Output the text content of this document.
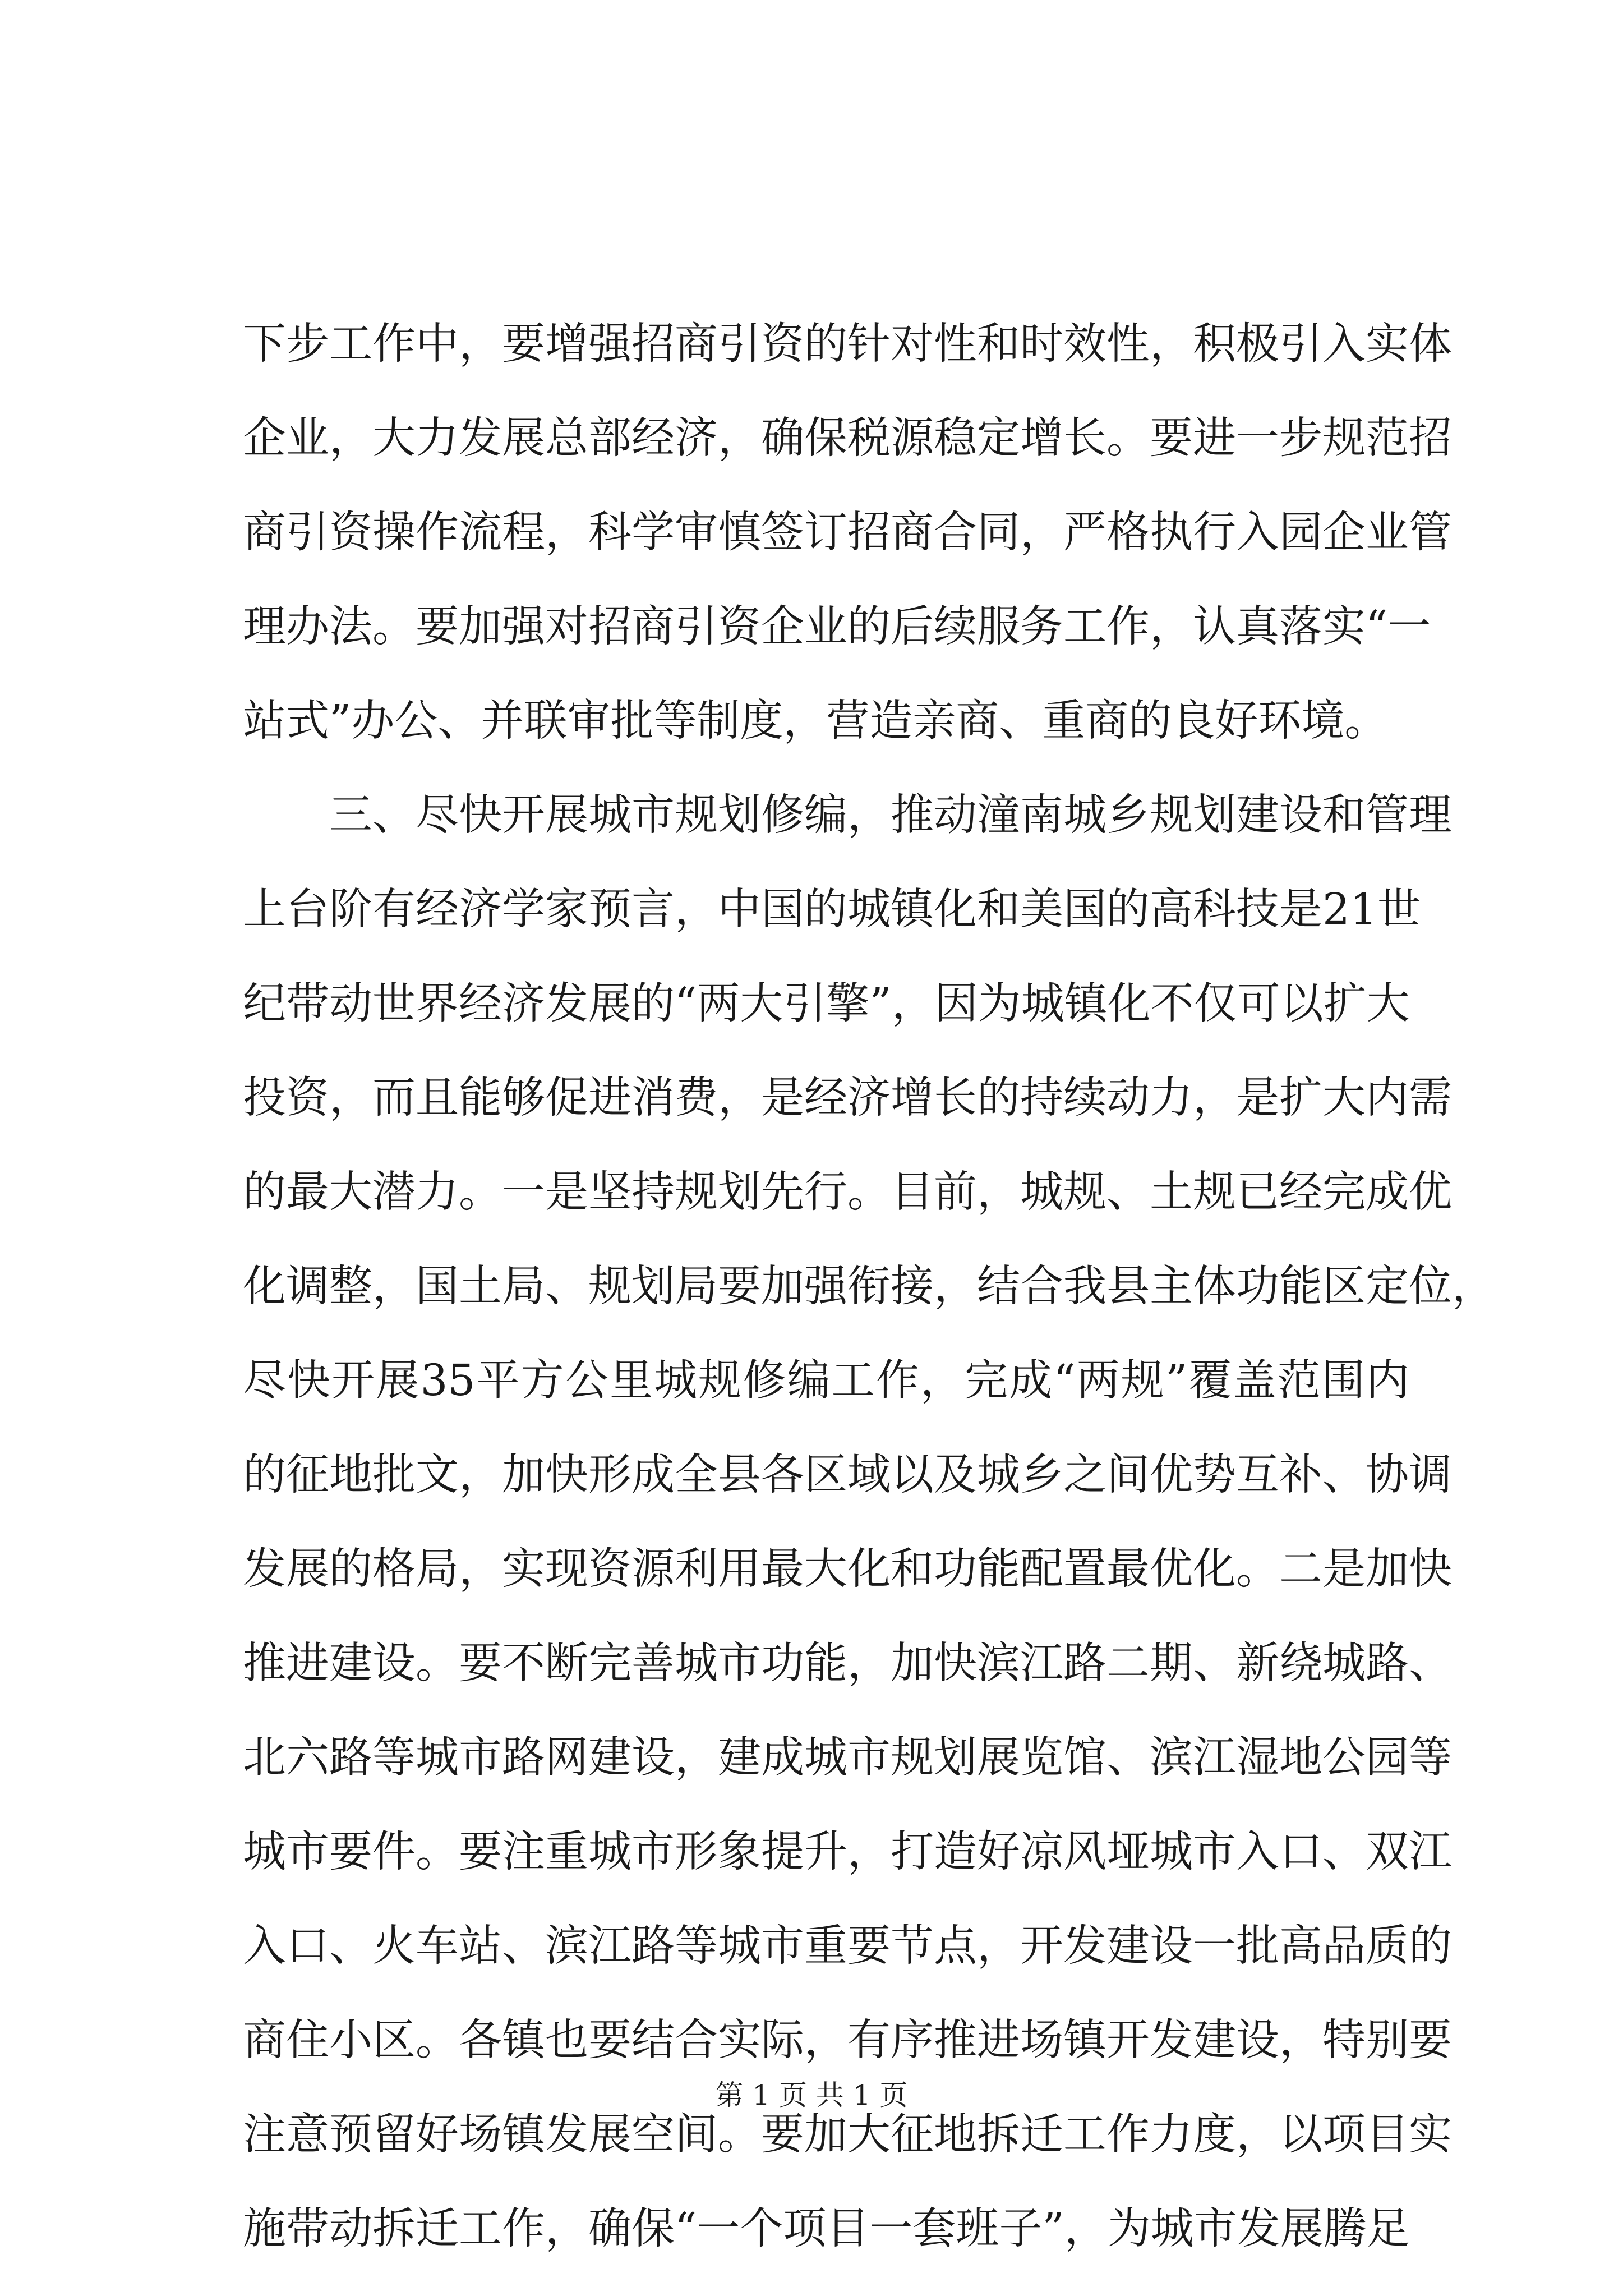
下 步 工 作 中 ， 要 增 强 招 商 引 资 的 针 对 性 和 时 效 性 ， 积 极 引 入 实 体
企 业 ， 大 力 发 展 总 部 经 济 ， 确 保 税 源 稳 定 增 长 。 要 进 一 步 规 范 招
商 引 资 操 作 流 程 ， 科 学 审 慎 签 订 招 商 合 同 ， 严 格 执 行 入 园 企 业 管
理 办 法 。 要 加 强 对 招 商 引 资 企 业 的 后 续 服 务 工 作 ， 认 真 落 实 “ 一
站式”办公、并联审批等制度，营造亲商、重商的良好环境。

三 、 尽 快 开 展 城 市 规 划 修 编 ， 推 动 潼 南 城 乡 规 划 建 设 和 管 理
上 台 阶 有 经 济 学 家 预 言 ， 中 国 的 城 镇 化 和 美 国 的 高 科 技 是 21 世
纪 带 动 世 界 经 济 发 展 的 “ 两 大 引 擎 ” ， 因 为 城 镇 化 不 仅 可 以 扩 大
投 资 ， 而 且 能 够 促 进 消 费 ， 是 经 济 增 长 的 持 续 动 力 ， 是 扩 大 内 需
的 最 大 潜 力 。 一 是 坚 持 规 划 先 行 。 目 前 ， 城 规 、 土 规 已 经 完 成 优
化 调 整 ， 国 土 局 、 规 划 局 要 加 强 衔 接 ， 结 合 我 县 主 体 功 能 区 定 位 ，
尽 快 开 展 35 平 方 公 里 城 规 修 编 工 作 ， 完 成 “ 两 规 ” 覆 盖 范 围 内
的 征 地 批 文 ， 加 快 形 成 全 县 各 区 域 以 及 城 乡 之 间 优 势 互 补 、 协 调
发 展 的 格 局 ， 实 现 资 源 利 用 最 大 化 和 功 能 配 置 最 优 化 。 二 是 加 快
推 进 建 设 。 要 不 断 完 善 城 市 功 能 ， 加 快 滨 江 路 二 期 、 新 绕 城 路 、
北 六 路 等 城 市 路 网 建 设 ， 建 成 城 市 规 划 展 览 馆 、 滨 江 湿 地 公 园 等
城 市 要 件 。 要 注 重 城 市 形 象 提 升 ， 打 造 好 凉 风 垭 城 市 入 口 、 双 江
入 口 、 火 车 站 、 滨 江 路 等 城 市 重 要 节 点 ， 开 发 建 设 一 批 高 品 质 的
商 住 小 区 。 各 镇 也 要 结 合 实 际 ， 有 序 推 进 场 镇 开 发 建 设 ， 特 别 要
注 意 预 留 好 场 镇 发 展 空 间 。 要 加 大 征 地 拆 迁 工 作 力 度 ， 以 项 目 实
施 带 动 拆 迁 工 作 ， 确 保 “ 一 个 项 目 一 套 班 子 ” ， 为 城 市 发 展 腾 足
第 1 页 共 1 页
